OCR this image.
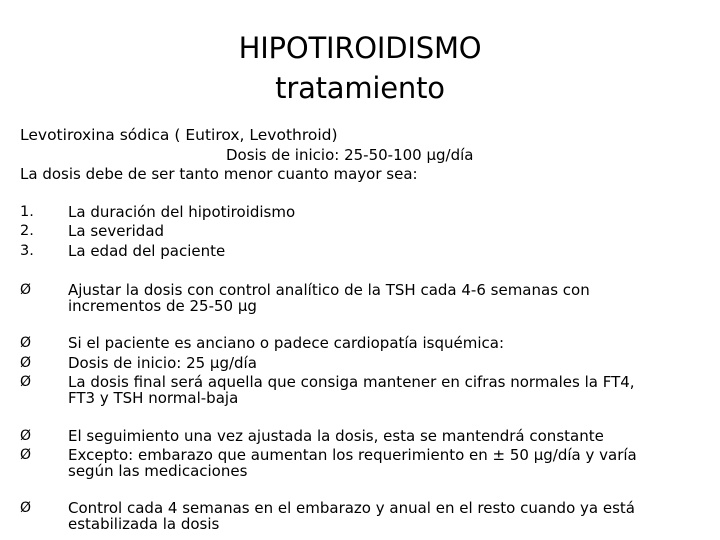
HIPOTIROIDISMO
tratamiento
Levotiroxina sódica ( Eutirox, Levothroid)
Dosis de inicio: 25-50-100 µg/día
La dosis debe de ser tanto menor cuanto mayor sea:
1. La duración del hipotiroidismo
2. La severidad
3. La edad del paciente
Ø Ajustar la dosis con control analítico de la TSH cada 4-6 semanas con
incrementos de 25-50 µg
Ø Si el paciente es anciano o padece cardiopatía isquémica:
Ø Dosis de inicio: 25 µg/día
Ø La dosis final será aquella que consiga mantener en cifras normales la FT4,
FT3 y TSH normal-baja
Ø El seguimiento una vez ajustada la dosis, esta se mantendrá constante
Ø Excepto: embarazo que aumentan los requerimiento en ± 50 µg/día y varía
según las medicaciones
Ø Control cada 4 semanas en el embarazo y anual en el resto cuando ya está
estabilizada la dosis
